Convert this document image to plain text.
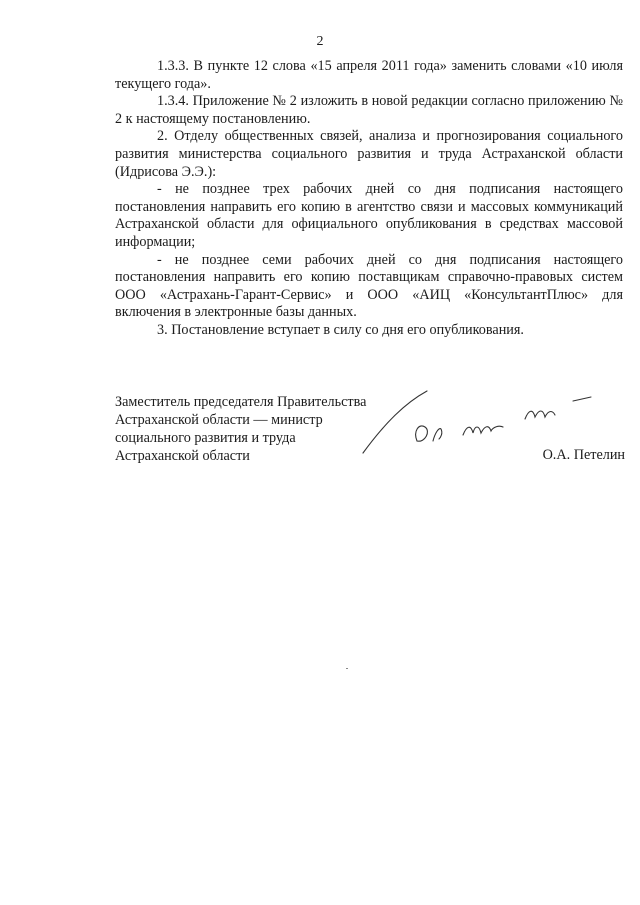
2

1.3.3. В пункте 12 слова «15 апреля 2011 года» заменить словами «10 июля текущего года».

1.3.4. Приложение № 2 изложить в новой редакции согласно приложению № 2 к настоящему постановлению.

2. Отделу общественных связей, анализа и прогнозирования социального развития министерства социального развития и труда Астраханской области (Идрисова Э.Э.):

- не позднее трех рабочих дней со дня подписания настоящего постановления направить его копию в агентство связи и массовых коммуникаций Астраханской области для официального опубликования в средствах массовой информации;

- не позднее семи рабочих дней со дня подписания настоящего постановления направить его копию поставщикам справочно-правовых систем ООО «Астрахань-Гарант-Сервис» и ООО «АИЦ «КонсультантПлюс» для включения в электронные базы данных.

3. Постановление вступает в силу со дня его опубликования.

Заместитель председателя Правительства
Астраханской области — министр
социального развития и труда
Астраханской области	О.А. Петелин
